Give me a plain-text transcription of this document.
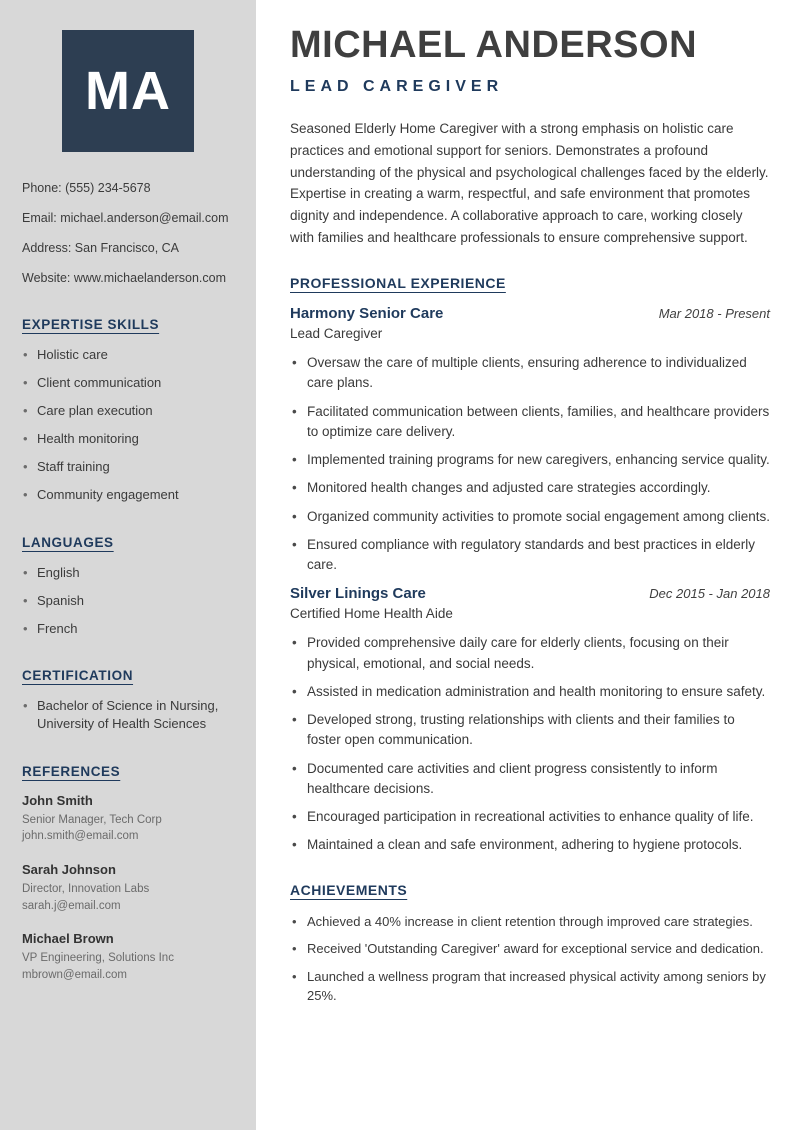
MA
Phone: (555) 234-5678
Email: michael.anderson@email.com
Address: San Francisco, CA
Website: www.michaelanderson.com
EXPERTISE SKILLS
• Holistic care
• Client communication
• Care plan execution
• Health monitoring
• Staff training
• Community engagement
LANGUAGES
• English
• Spanish
• French
CERTIFICATION
• Bachelor of Science in Nursing, University of Health Sciences
REFERENCES
John Smith
Senior Manager, Tech Corp
john.smith@email.com
Sarah Johnson
Director, Innovation Labs
sarah.j@email.com
Michael Brown
VP Engineering, Solutions Inc
mbrown@email.com
MICHAEL ANDERSON
LEAD CAREGIVER

Seasoned Elderly Home Caregiver with a strong emphasis on holistic care practices and emotional support for seniors. Demonstrates a profound understanding of the physical and psychological challenges faced by the elderly. Expertise in creating a warm, respectful, and safe environment that promotes dignity and independence. A collaborative approach to care, working closely with families and healthcare professionals to ensure comprehensive support.

PROFESSIONAL EXPERIENCE
Harmony Senior Care	Mar 2018 - Present
Lead Caregiver
• Oversaw the care of multiple clients, ensuring adherence to individualized care plans.
• Facilitated communication between clients, families, and healthcare providers to optimize care delivery.
• Implemented training programs for new caregivers, enhancing service quality.
• Monitored health changes and adjusted care strategies accordingly.
• Organized community activities to promote social engagement among clients.
• Ensured compliance with regulatory standards and best practices in elderly care.
Silver Linings Care	Dec 2015 - Jan 2018
Certified Home Health Aide
• Provided comprehensive daily care for elderly clients, focusing on their physical, emotional, and social needs.
• Assisted in medication administration and health monitoring to ensure safety.
• Developed strong, trusting relationships with clients and their families to foster open communication.
• Documented care activities and client progress consistently to inform healthcare decisions.
• Encouraged participation in recreational activities to enhance quality of life.
• Maintained a clean and safe environment, adhering to hygiene protocols.
ACHIEVEMENTS
• Achieved a 40% increase in client retention through improved care strategies.
• Received 'Outstanding Caregiver' award for exceptional service and dedication.
• Launched a wellness program that increased physical activity among seniors by 25%.
